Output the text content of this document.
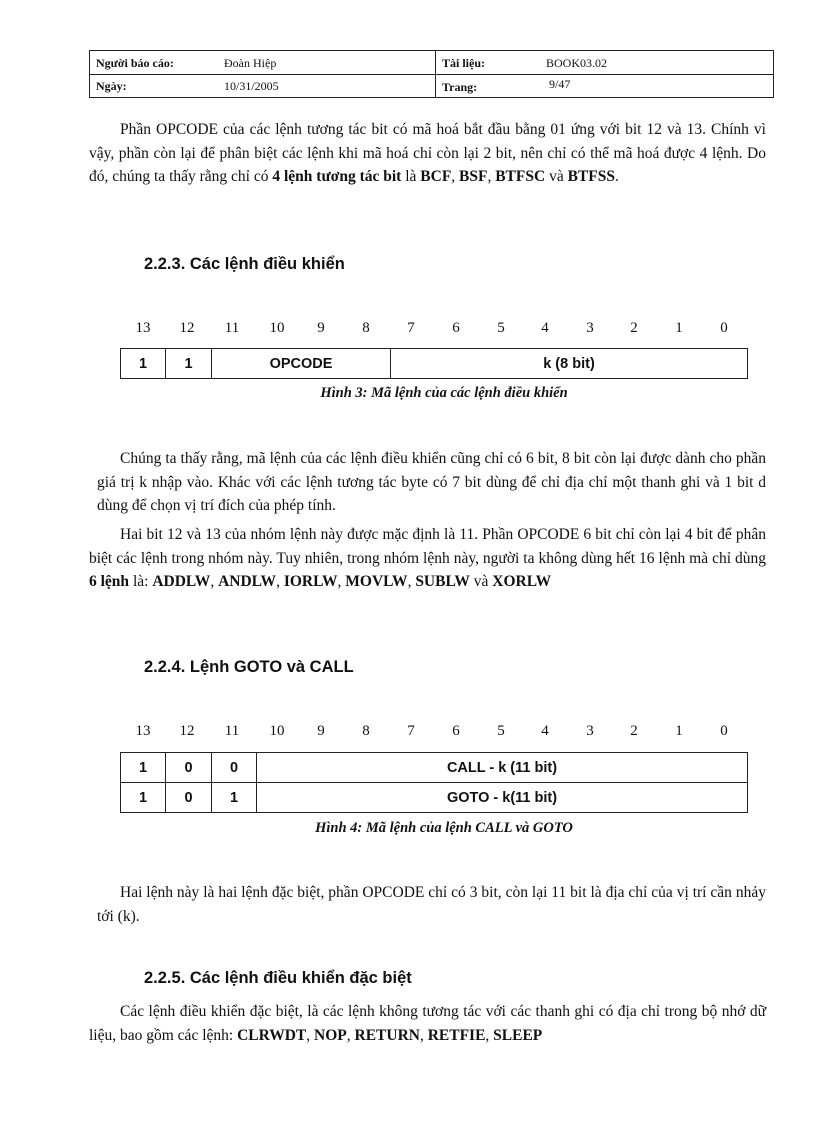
Người báo cáo:	Đoàn Hiệp
Ngày:	10/31/2005
Tài liệu:	BOOK03.02
Trang:	9/47

Phần OPCODE của các lệnh tương tác bit có mã hoá bắt đầu bằng 01 ứng với bit 12 và 13. Chính vì vậy, phần còn lại để phân biệt các lệnh khi mã hoá chỉ còn lại 2 bit, nên chỉ có thể mã hoá được 4 lệnh. Do đó, chúng ta thấy rằng chỉ có 4 lệnh tương tác bit là BCF, BSF, BTFSC và BTFSS.

2.2.3. Các lệnh điều khiển
13 12 11 10	9	8	7	6	5	4	3	2	1	0
1	1	OPCODE	k (8 bit)
Hình 3: Mã lệnh của các lệnh điều khiển

Chúng ta thấy rằng, mã lệnh của các lệnh điều khiển cũng chỉ có 6 bit, 8 bit còn lại được dành cho phần giá trị k nhập vào. Khác với các lệnh tương tác byte có 7 bit dùng để chỉ địa chỉ một thanh ghi và 1 bit d dùng để chọn vị trí đích của phép tính.

Hai bit 12 và 13 của nhóm lệnh này được mặc định là 11. Phần OPCODE 6 bit chỉ còn lại 4 bit để phân biệt các lệnh trong nhóm này. Tuy nhiên, trong nhóm lệnh này, người ta không dùng hết 16 lệnh mà chỉ dùng 6 lệnh là: ADDLW, ANDLW, IORLW, MOVLW, SUBLW và XORLW

2.2.4. Lệnh GOTO và CALL
13 12 11 10	9	8	7	6	5	4	3	2	1	0
1	0	0	CALL - k (11 bit)
1	0	1	GOTO - k(11 bit)
Hình 4: Mã lệnh của lệnh CALL và GOTO

Hai lệnh này là hai lệnh đặc biệt, phần OPCODE chỉ có 3 bit, còn lại 11 bit là địa chỉ của vị trí cần nhảy tới (k).

2.2.5. Các lệnh điều khiển đặc biệt

Các lệnh điều khiển đặc biệt, là các lệnh không tương tác với các thanh ghi có địa chỉ trong bộ nhớ dữ liệu, bao gồm các lệnh: CLRWDT, NOP, RETURN, RETFIE, SLEEP
